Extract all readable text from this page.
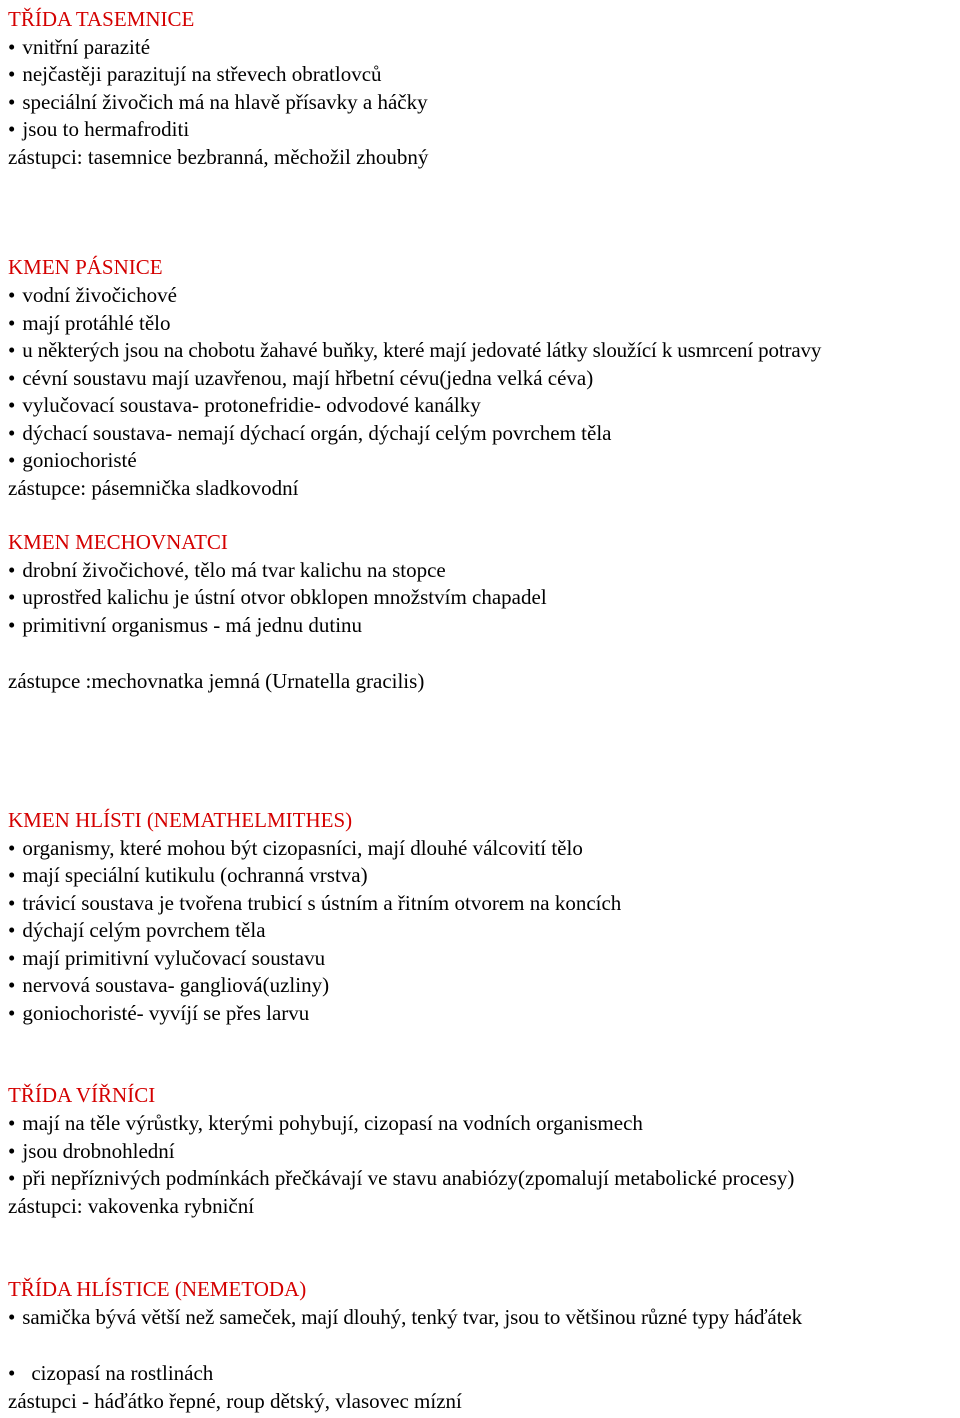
TŘÍDA TASEMNICE
• vnitřní parazité
• nejčastěji parazitují na střevech obratlovců
• speciální živočich má na hlavě přísavky a háčky
• jsou to hermafroditi
zástupci: tasemnice bezbranná, měchožil zhoubný
KMEN PÁSNICE
• vodní živočichové
• mají protáhlé tělo
• u některých jsou na chobotu žahavé buňky, které mají jedovaté látky sloužící k usmrcení potravy
• cévní soustavu mají uzavřenou, mají hřbetní cévu(jedna velká céva)
• vylučovací soustava- protonefridie- odvodové kanálky
• dýchací soustava- nemají dýchací orgán, dýchají celým povrchem těla
• goniochoristé
zástupce: pásemnička sladkovodní
KMEN MECHOVNATCI
• drobní živočichové, tělo má tvar kalichu na stopce
• uprostřed kalichu je ústní otvor obklopen množstvím chapadel
• primitivní organismus - má jednu dutinu
zástupce :mechovnatka jemná (Urnatella gracilis)
KMEN HLÍSTI (NEMATHELMITHES)
• organismy, které mohou být cizopasníci, mají dlouhé válcovití tělo
• mají speciální kutikulu (ochranná vrstva)
• trávicí soustava je tvořena trubicí s ústním a řitním otvorem na koncích
• dýchají celým povrchem těla
• mají primitivní vylučovací soustavu
• nervová soustava- gangliová(uzliny)
• goniochoristé- vyvíjí se přes larvu
TŘÍDA VÍŘNÍCI
• mají na těle výrůstky, kterými pohybují, cizopasí na vodních organismech
• jsou drobnohlední
• při nepříznivých podmínkách přečkávají ve stavu anabiózy(zpomalují metabolické procesy)
zástupci: vakovenka rybniční
TŘÍDA HLÍSTICE (NEMETODA)
• samička bývá větší než sameček, mají dlouhý, tenký tvar, jsou to většinou různé typy háďátek
• cizopasí na rostlinách
zástupci - háďátko řepné, roup dětský, vlasovec mízní
